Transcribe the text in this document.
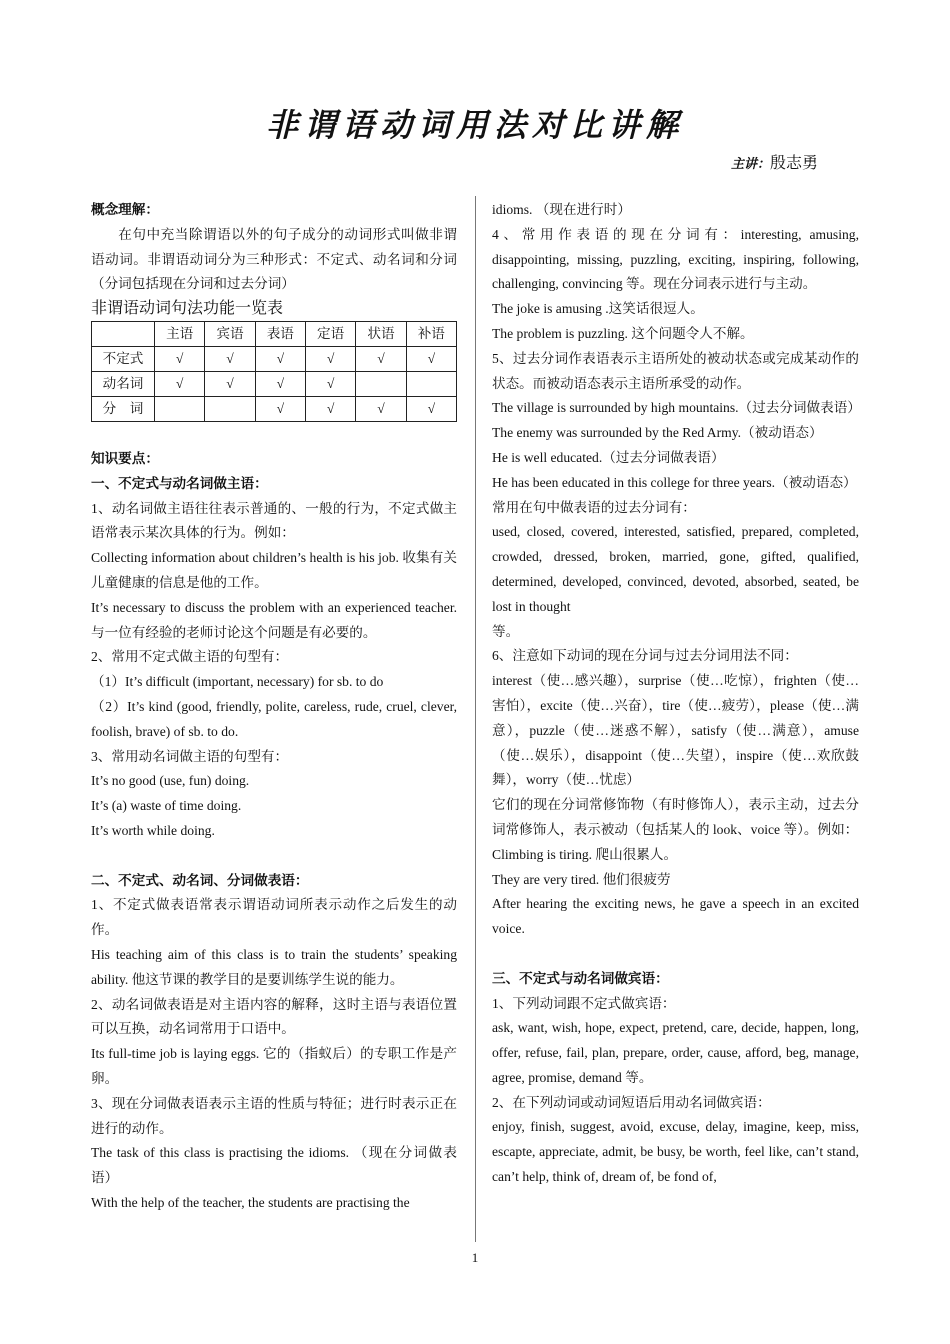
非谓语动词用法对比讲解
主讲：殷志勇

概念理解：

在句中充当除谓语以外的句子成分的动词形式叫做非谓语动词。非谓语动词分为三种形式：不定式、动名词和分词（分词包括现在分词和过去分词）

非谓语动词句法功能一览表

	主语	宾语	表语	定语	状语	补语
不定式	√	√	√	√	√	√
动名词	√	√	√	√		
分　词			√	√	√	√

知识要点：

一、不定式与动名词做主语：

1、动名词做主语往往表示普通的、一般的行为，不定式做主语常表示某次具体的行为。例如：

Collecting information about children’s health is his job. 收集有关儿童健康的信息是他的工作。

It’s necessary to discuss the problem with an experienced teacher. 与一位有经验的老师讨论这个问题是有必要的。

2、常用不定式做主语的句型有：

（1）It’s difficult (important, necessary) for sb. to do

（2）It’s kind (good, friendly, polite, careless, rude, cruel, clever, foolish, brave) of sb. to do.

3、常用动名词做主语的句型有：

It’s no good (use, fun) doing.

It’s (a) waste of time doing.

It’s worth while doing.

二、不定式、动名词、分词做表语：

1、不定式做表语常表示谓语动词所表示动作之后发生的动作。

His teaching aim of this class is to train the students’ speaking ability. 他这节课的教学目的是要训练学生说的能力。

2、动名词做表语是对主语内容的解释，这时主语与表语位置可以互换，动名词常用于口语中。

Its full-time job is laying eggs. 它的（指蚁后）的专职工作是产卵。

3、现在分词做表语表示主语的性质与特征；进行时表示正在进行的动作。

The task of this class is practising the idioms. （现在分词做表语）

With the help of the teacher, the students are practising the

idioms. （现在进行时）

4、常用作表语的现在分词有：interesting, amusing, disappointing, missing, puzzling, exciting, inspiring, following, challenging, convincing 等。现在分词表示进行与主动。

The joke is amusing .这笑话很逗人。

The problem is puzzling. 这个问题令人不解。

5、过去分词作表语表示主语所处的被动状态或完成某动作的状态。而被动语态表示主语所承受的动作。

The village is surrounded by high mountains.（过去分词做表语）

The enemy was surrounded by the Red Army.（被动语态）

He is well educated.（过去分词做表语）

He has been educated in this college for three years.（被动语态）

常用在句中做表语的过去分词有：

used, closed, covered, interested, satisfied, prepared, completed, crowded, dressed, broken, married, gone, gifted, qualified, determined, developed, convinced, devoted, absorbed, seated, be lost in thought

等。

6、注意如下动词的现在分词与过去分词用法不同：

interest（使…感兴趣），surprise（使…吃惊），frighten（使…害怕），excite（使…兴奋），tire（使…疲劳），please（使…满意），puzzle（使…迷惑不解），satisfy（使…满意），amuse（使…娱乐），disappoint（使…失望），inspire（使…欢欣鼓舞），worry（使…忧虑）

它们的现在分词常修饰物（有时修饰人），表示主动，过去分词常修饰人，表示被动（包括某人的 look、voice 等）。例如：

Climbing is tiring. 爬山很累人。

They are very tired. 他们很疲劳

After hearing the exciting news, he gave a speech in an excited voice.

三、不定式与动名词做宾语：

1、下列动词跟不定式做宾语：

ask, want, wish, hope, expect, pretend, care, decide, happen, long, offer, refuse, fail, plan, prepare, order, cause, afford, beg, manage, agree, promise, demand 等。

2、在下列动词或动词短语后用动名词做宾语：

enjoy, finish, suggest, avoid, excuse, delay, imagine, keep, miss, escapte, appreciate, admit, be busy, be worth, feel like, can’t stand, can’t help, think of, dream of, be fond of,

1
